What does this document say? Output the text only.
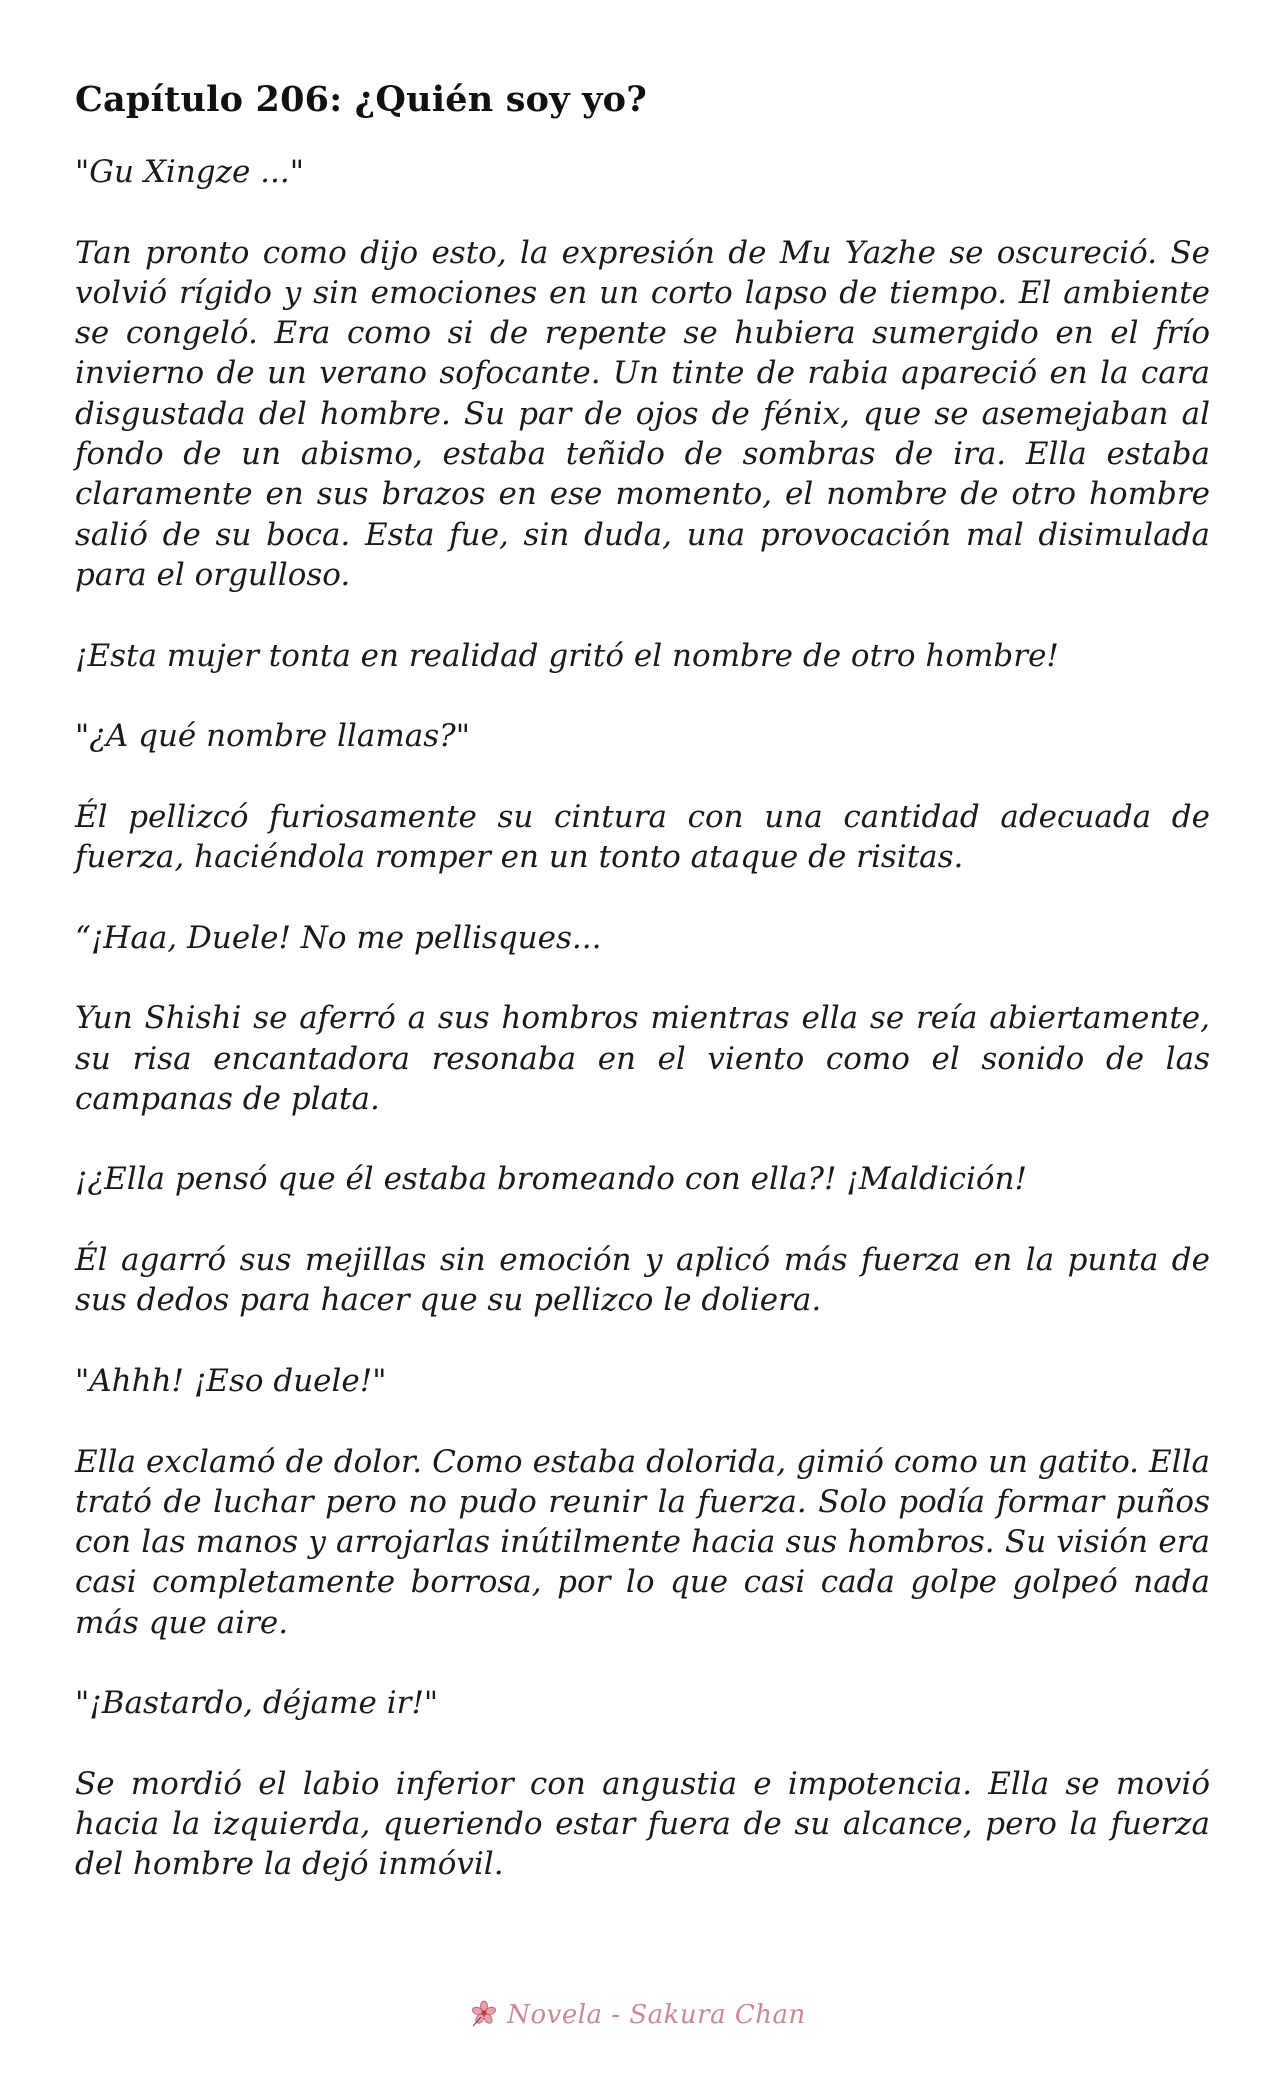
Capítulo 206: ¿Quién soy yo?

"Gu Xingze ..."

Tan pronto como dijo esto, la expresión de Mu Yazhe se oscureció. Se volvió rígido y sin emociones en un corto lapso de tiempo. El ambiente se congeló. Era como si de repente se hubiera sumergido en el frío invierno de un verano sofocante. Un tinte de rabia apareció en la cara disgustada del hombre. Su par de ojos de fénix, que se asemejaban al fondo de un abismo, estaba teñido de sombras de ira. Ella estaba claramente en sus brazos en ese momento, el nombre de otro hombre salió de su boca. Esta fue, sin duda, una provocación mal disimulada para el orgulloso.

¡Esta mujer tonta en realidad gritó el nombre de otro hombre!

"¿A qué nombre llamas?"

Él pellizcó furiosamente su cintura con una cantidad adecuada de fuerza, haciéndola romper en un tonto ataque de risitas.

“¡Haa, Duele! No me pellisques...

Yun Shishi se aferró a sus hombros mientras ella se reía abiertamente, su risa encantadora resonaba en el viento como el sonido de las campanas de plata.

¡¿Ella pensó que él estaba bromeando con ella?! ¡Maldición!

Él agarró sus mejillas sin emoción y aplicó más fuerza en la punta de sus dedos para hacer que su pellizco le doliera.

"Ahhh! ¡Eso duele!"

Ella exclamó de dolor. Como estaba dolorida, gimió como un gatito. Ella trató de luchar pero no pudo reunir la fuerza. Solo podía formar puños con las manos y arrojarlas inútilmente hacia sus hombros. Su visión era casi completamente borrosa, por lo que casi cada golpe golpeó nada más que aire.

"¡Bastardo, déjame ir!"

Se mordió el labio inferior con angustia e impotencia. Ella se movió hacia la izquierda, queriendo estar fuera de su alcance, pero la fuerza del hombre la dejó inmóvil.

Novela - Sakura Chan
